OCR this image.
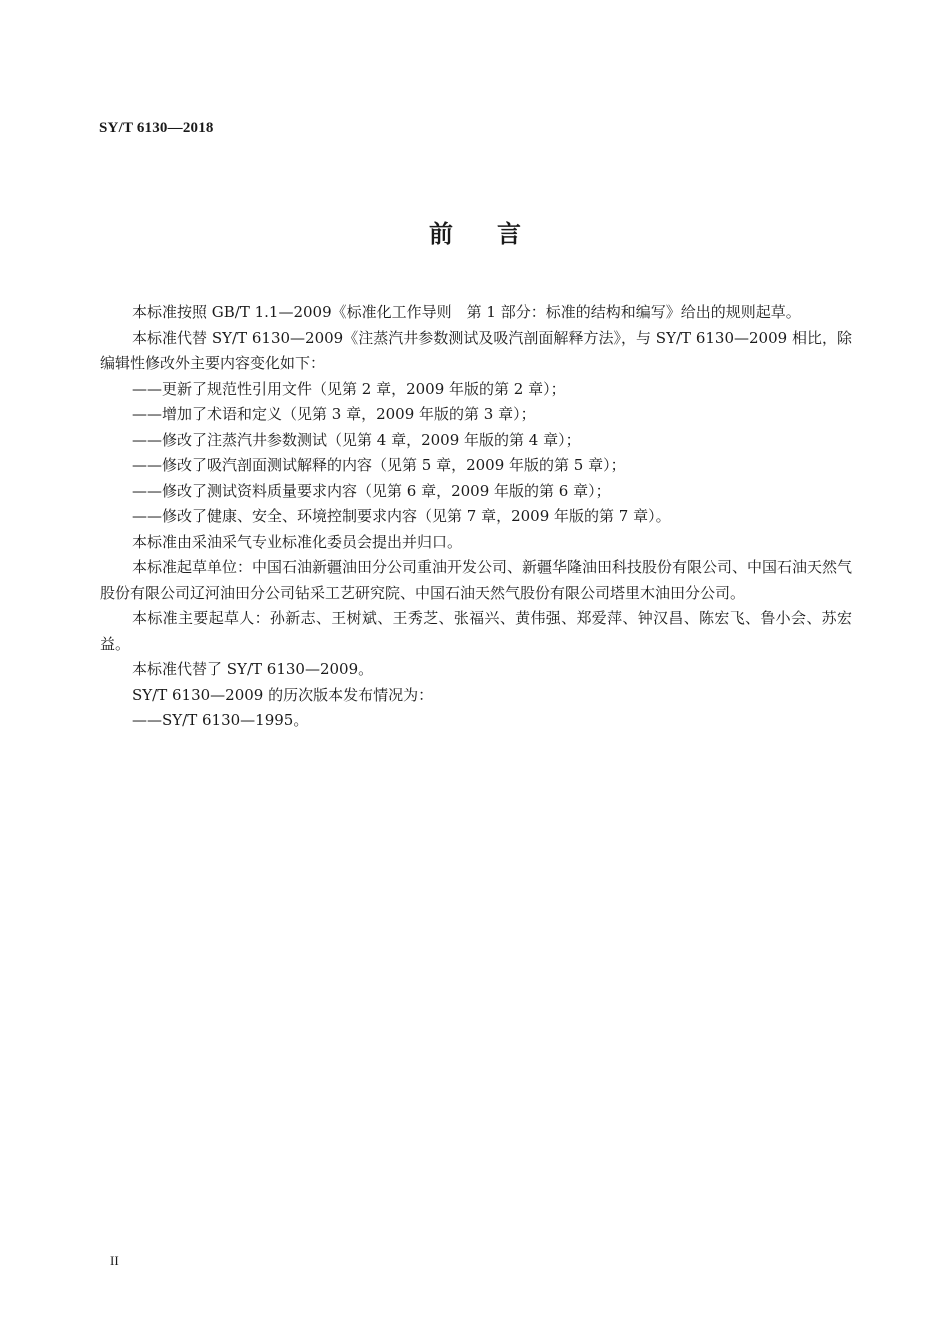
SY/T 6130—2018
前言

本标准按照 GB/T 1.1—2009《标准化工作导则　第 1 部分：标准的结构和编写》给出的规则起草。

本标准代替 SY/T 6130—2009《注蒸汽井参数测试及吸汽剖面解释方法》，与 SY/T 6130—2009 相比，除编辑性修改外主要内容变化如下：

——更新了规范性引用文件（见第 2 章，2009 年版的第 2 章）；

——增加了术语和定义（见第 3 章，2009 年版的第 3 章）；

——修改了注蒸汽井参数测试（见第 4 章，2009 年版的第 4 章）；

——修改了吸汽剖面测试解释的内容（见第 5 章，2009 年版的第 5 章）；

——修改了测试资料质量要求内容（见第 6 章，2009 年版的第 6 章）；

——修改了健康、安全、环境控制要求内容（见第 7 章，2009 年版的第 7 章）。

本标准由采油采气专业标准化委员会提出并归口。

本标准起草单位：中国石油新疆油田分公司重油开发公司、新疆华隆油田科技股份有限公司、中国石油天然气股份有限公司辽河油田分公司钻采工艺研究院、中国石油天然气股份有限公司塔里木油田分公司。

本标准主要起草人：孙新志、王树斌、王秀芝、张福兴、黄伟强、郑爱萍、钟汉昌、陈宏飞、鲁小会、苏宏益。

本标准代替了 SY/T 6130—2009。

SY/T 6130—2009 的历次版本发布情况为：

——SY/T 6130—1995。

II
